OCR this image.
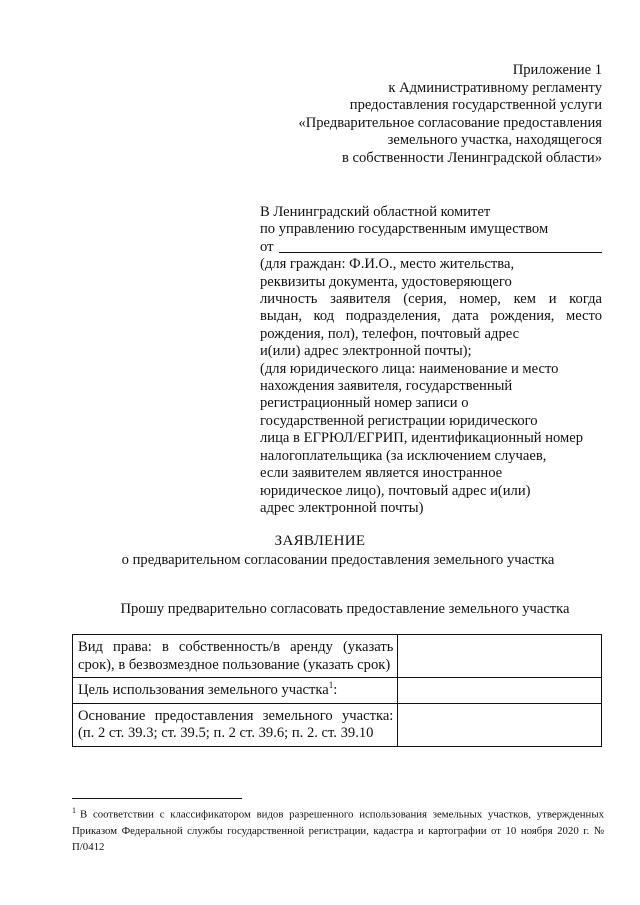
Приложение 1
к Административному регламенту
предоставления государственной услуги
«Предварительное согласование предоставления
земельного участка, находящегося
в собственности Ленинградской области»
В Ленинградский областной комитет
по управлению государственным имуществом
от
(для граждан: Ф.И.О., место жительства,
реквизиты документа, удостоверяющего
личность заявителя (серия, номер, кем и когда
выдан, код подразделения, дата рождения, место
рождения, пол), телефон, почтовый адрес
и(или) адрес электронной почты);
(для юридического лица: наименование и место
нахождения заявителя, государственный
регистрационный номер записи о
государственной регистрации юридического
лица в ЕГРЮЛ/ЕГРИП, идентификационный номер
налогоплательщика (за исключением случаев,
если заявителем является иностранное
юридическое лицо), почтовый адрес и(или)
адрес электронной почты)
ЗАЯВЛЕНИЕ
о предварительном согласовании предоставления земельного участка
Прошу предварительно согласовать предоставление земельного участка
Вид права: в собственность/в аренду (указать срок), в безвозмездное пользование (указать срок)	
Цель использования земельного участка$^1$:	
Основание предоставления земельного участка: (п. 2 ст. 39.3; ст. 39.5; п. 2 ст. 39.6; п. 2. ст. 39.10	
$^1$ В соответствии с классификатором видов разрешенного использования земельных участков, утвержденных Приказом Федеральной службы государственной регистрации, кадастра и картографии от 10 ноября 2020 г. № П/0412
